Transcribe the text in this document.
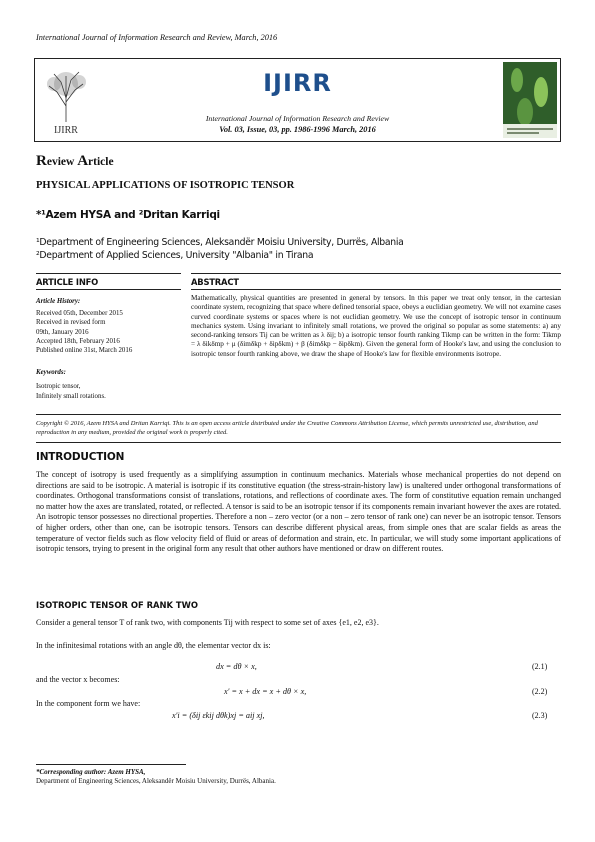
International Journal of Information Research and Review, March, 2016
IJIRR
IJIRR
International Journal of Information Research and Review
Vol. 03, Issue, 03, pp. 1986-1996 March, 2016
Review Article
PHYSICAL APPLICATIONS OF ISOTROPIC TENSOR
*¹Azem HYSA and ²Dritan Karriqi
¹Department of Engineering Sciences, Aleksandër Moisiu University, Durrës, Albania
²Department of Applied Sciences, University "Albania" in Tirana
ARTICLE INFO	ABSTRACT
Article History:
Received 05th, December 2015
Received in revised form
09th, January 2016
Accepted 18th, February 2016
Published online 31st, March 2016
Keywords:
Isotropic tensor,
Infinitely small rotations.
Mathematically, physical quantities are presented in general by tensors. In this paper we treat only tensor, in the cartesian coordinate system, recognizing that space where defined tensorial space, obeys a euclidian geometry. We will not examine cases curved coordinate systems or spaces where is not euclidian geometry. We use the concept of isotropic tensor in continuum mechanics system. Using invariant to infinitely small rotations, we proved the original so popular as some statements: a) any second-ranking tensors Tij can be written as λ δij; b) a isotropic tensor fourth ranking Tikmp can be written in the form: Tikmp = λ δikδmp + μ (δimδkp + δipδkm) + β (δimδkp − δipδkm). Given the general form of Hooke's law, and using the conclusion to isotropic tensor fourth ranking above, we draw the shape of Hooke's law for flexible environments isotrope.
Copyright © 2016, Azem HYSA and Dritan Karriqi. This is an open access article distributed under the Creative Commons Attribution License, which permits unrestricted use, distribution, and reproduction in any medium, provided the original work is properly cited.
INTRODUCTION
The concept of isotropy is used frequently as a simplifying assumption in continuum mechanics. Materials whose mechanical properties do not depend on directions are said to be isotropic. A material is isotropic if its constitutive equation (the stress-strain-history law) is unaltered under orthogonal transformations of coordinates. Orthogonal transformations consist of translations, rotations, and reflections of coordinate axes. The form of constitutive equation remain unchanged no matter how the axes are translated, rotated, or reflected. A tensor is said to be an isotropic tensor if its components remain invariant however the axes are rotated. An isotropic tensor possesses no directional properties. Therefore a non – zero vector (or a non – zero tensor of rank one) can never be an isotropic tensor. Tensors of higher orders, other than one, can be isotropic tensors. Tensors can describe different physical areas, from simple ones that are scalar fields as areas the temperature of vector fields such as flow velocity field of fluid or areas of deformation and strain, etc. In particular, we will study some important applications of isotropic tensors, trying to present in the original form any result that other authors have mentioned or draw on different routes.
ISOTROPIC TENSOR OF RANK TWO
Consider a general tensor T of rank two, with components Tij with respect to some set of axes {e1, e2, e3}.
In the infinitesimal rotations with an angle dθ, the elementar vector dx is:
dx = dθ × x,	(2.1)
and the vector x becomes:
x′ = x + dx = x + dθ × x,	(2.2)
In the component form we have:
x′i = (δij εkij dθk)xj = aij xj,	(2.3)
*Corresponding author: Azem HYSA,
Department of Engineering Sciences, Aleksandër Moisiu University, Durrës, Albania.
